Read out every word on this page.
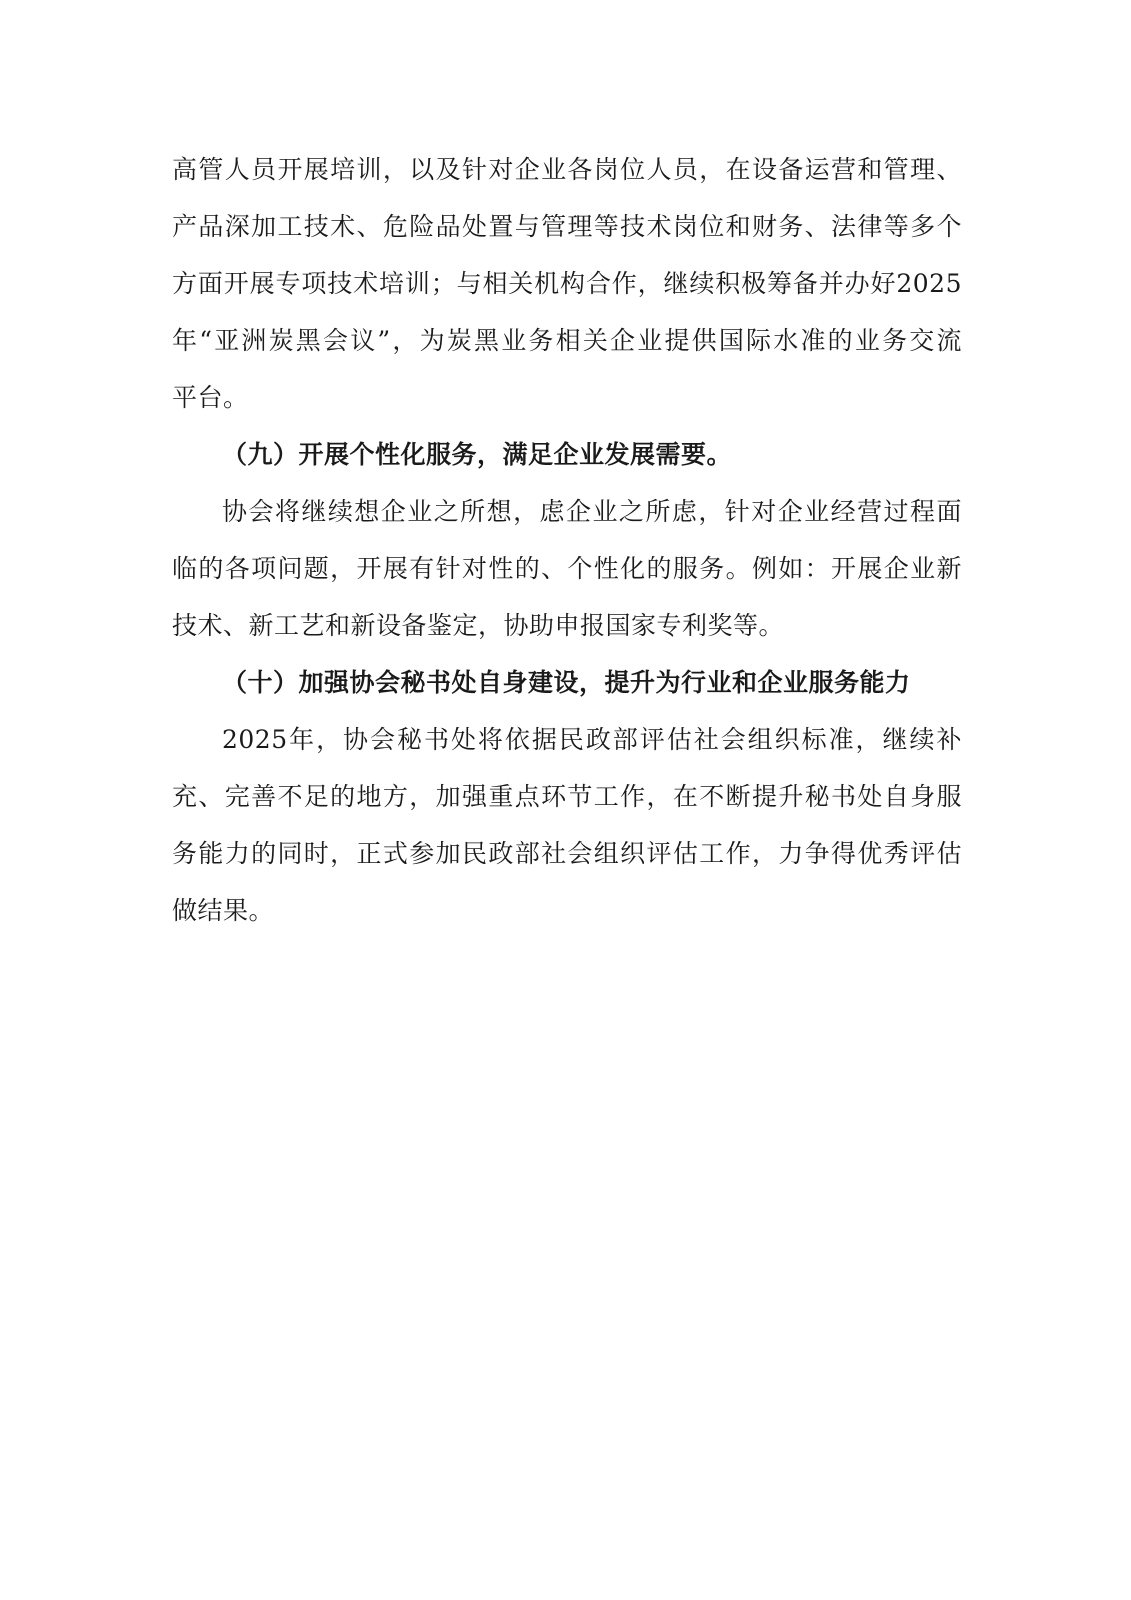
高管人员开展培训，以及针对企业各岗位人员，在设备运营和管理、
产品深加工技术、危险品处置与管理等技术岗位和财务、法律等多个
方面开展专项技术培训；与相关机构合作，继续积极筹备并办好2025
年“亚洲炭黑会议”，为炭黑业务相关企业提供国际水准的业务交流
平台。
（九）开展个性化服务，满足企业发展需要。
协会将继续想企业之所想，虑企业之所虑，针对企业经营过程面
临的各项问题，开展有针对性的、个性化的服务。例如：开展企业新
技术、新工艺和新设备鉴定，协助申报国家专利奖等。
（十）加强协会秘书处自身建设，提升为行业和企业服务能力
2025年，协会秘书处将依据民政部评估社会组织标准，继续补
充、完善不足的地方，加强重点环节工作，在不断提升秘书处自身服
务能力的同时，正式参加民政部社会组织评估工作，力争得优秀评估
做结果。
